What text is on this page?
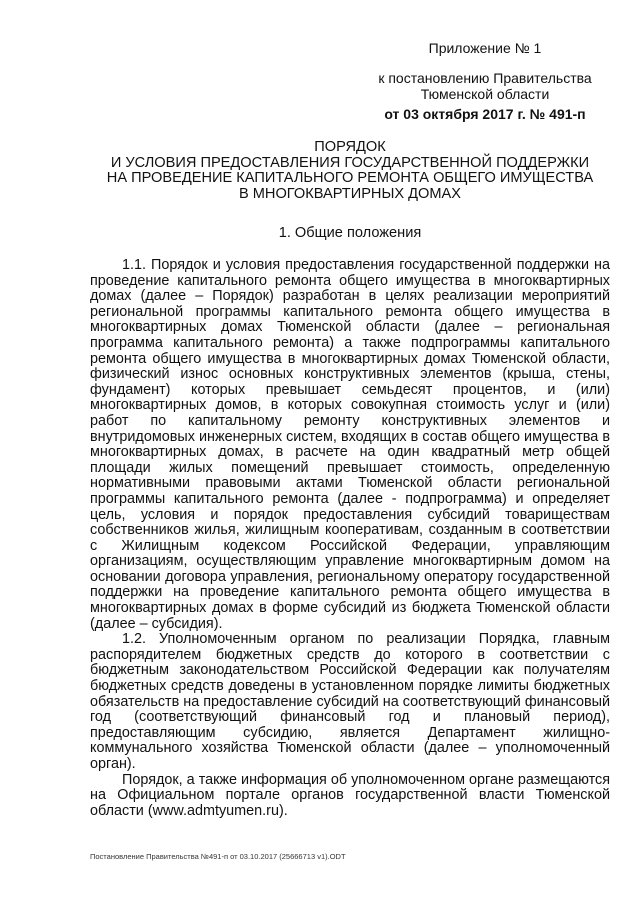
Приложение № 1
к постановлению Правительства
Тюменской области
от 03 октября 2017 г. № 491-п
ПОРЯДОК
И УСЛОВИЯ ПРЕДОСТАВЛЕНИЯ ГОСУДАРСТВЕННОЙ ПОДДЕРЖКИ
НА ПРОВЕДЕНИЕ КАПИТАЛЬНОГО РЕМОНТА ОБЩЕГО ИМУЩЕСТВА
В МНОГОКВАРТИРНЫХ ДОМАХ
1. Общие положения

1.1. Порядок и условия предоставления государственной поддержки на проведение капитального ремонта общего имущества в многоквартирных домах (далее – Порядок) разработан в целях реализации мероприятий региональной программы капитального ремонта общего имущества в многоквартирных домах Тюменской области (далее – региональная программа капитального ремонта) а также подпрограммы капитального ремонта общего имущества в многоквартирных домах Тюменской области, физический износ основных конструктивных элементов (крыша, стены, фундамент) которых превышает семьдесят процентов, и (или) многоквартирных домов, в которых совокупная стоимость услуг и (или) работ по капитальному ремонту конструктивных элементов и внутридомовых инженерных систем, входящих в состав общего имущества в многоквартирных домах, в расчете на один квадратный метр общей площади жилых помещений превышает стоимость, определенную нормативными правовыми актами Тюменской области региональной программы капитального ремонта (далее - подпрограмма) и определяет цель, условия и порядок предоставления субсидий товариществам собственников жилья, жилищным кооперативам, созданным в соответствии с Жилищным кодексом Российской Федерации, управляющим организациям, осуществляющим управление многоквартирным домом на основании договора управления, региональному оператору государственной поддержки на проведение капитального ремонта общего имущества в многоквартирных домах в форме субсидий из бюджета Тюменской области (далее – субсидия).

1.2. Уполномоченным органом по реализации Порядка, главным распорядителем бюджетных средств до которого в соответствии с бюджетным законодательством Российской Федерации как получателям бюджетных средств доведены в установленном порядке лимиты бюджетных обязательств на предоставление субсидий на соответствующий финансовый год (соответствующий финансовый год и плановый период), предоставляющим субсидию, является Департамент жилищно-коммунального хозяйства Тюменской области (далее – уполномоченный орган).

Порядок, а также информация об уполномоченном органе размещаются на Официальном портале органов государственной власти Тюменской области (www.admtyumen.ru).

Постановление Правительства №491-п от 03.10.2017 (25666713 v1).ODT
